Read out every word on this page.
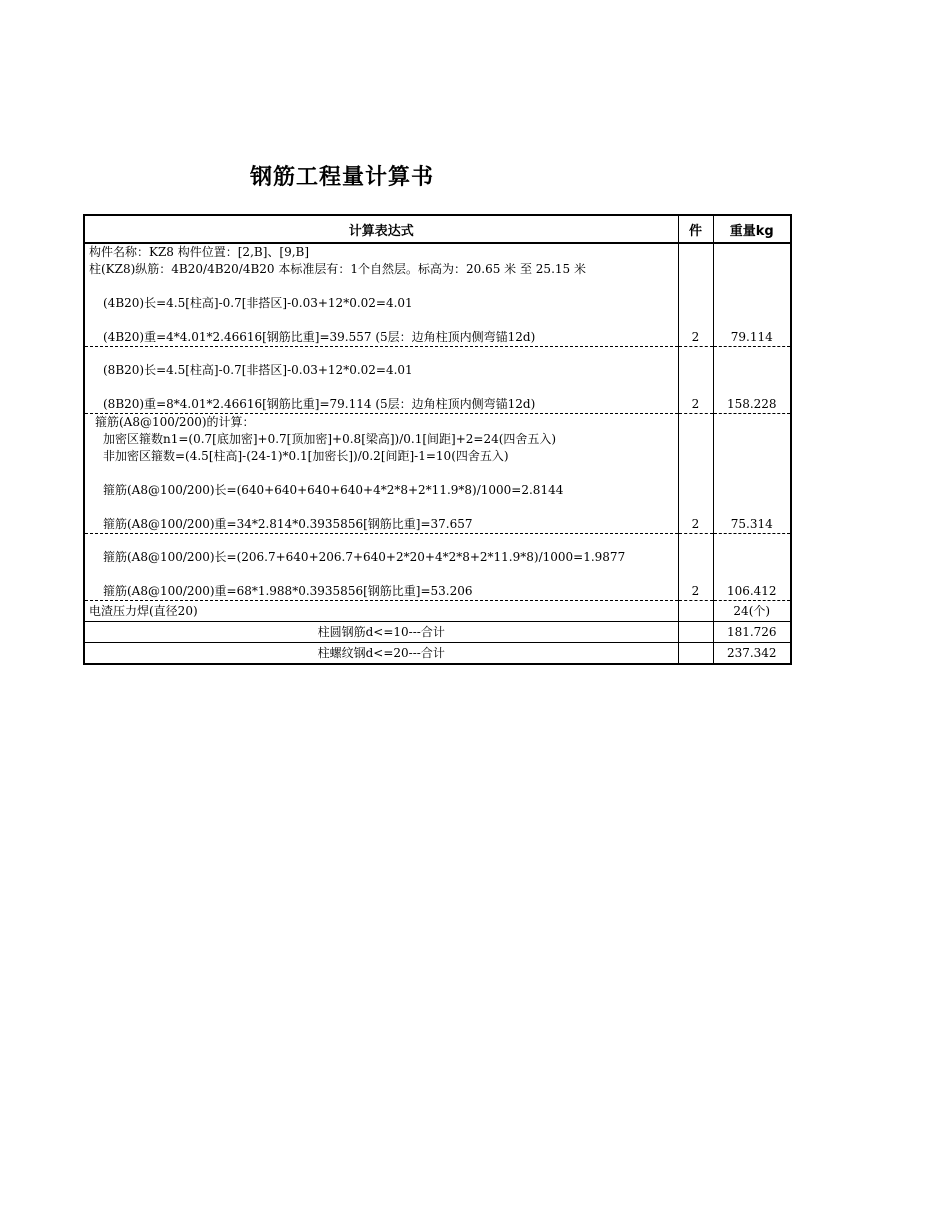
钢筋工程量计算书
计算表达式	件	重量kg

构件名称：KZ8 构件位置：[2,B]、[9,B]
柱(KZ8)纵筋：4B20/4B20/4B20 本标准层有：1个自然层。标高为：20.65 米 至 25.15 米
(4B20)长=4.5[柱高]-0.7[非搭区]-0.03+12*0.02=4.01
(4B20)重=4*4.01*2.46616[钢筋比重]=39.557 (5层：边角柱顶内侧弯锚12d)	2	79.114

(8B20)长=4.5[柱高]-0.7[非搭区]-0.03+12*0.02=4.01
(8B20)重=8*4.01*2.46616[钢筋比重]=79.114 (5层：边角柱顶内侧弯锚12d)	2	158.228

箍筋(A8@100/200)的计算：
加密区箍数n1=(0.7[底加密]+0.7[顶加密]+0.8[梁高])/0.1[间距]+2=24(四舍五入)
非加密区箍数=(4.5[柱高]-(24-1)*0.1[加密长])/0.2[间距]-1=10(四舍五入)
箍筋(A8@100/200)长=(640+640+640+640+4*2*8+2*11.9*8)/1000=2.8144
箍筋(A8@100/200)重=34*2.814*0.3935856[钢筋比重]=37.657	2	75.314

箍筋(A8@100/200)长=(206.7+640+206.7+640+2*20+4*2*8+2*11.9*8)/1000=1.9877
箍筋(A8@100/200)重=68*1.988*0.3935856[钢筋比重]=53.206	2	106.412

电渣压力焊(直径20)		24(个)
柱圆钢筋d<=10---合计		181.726
柱螺纹钢d<=20---合计		237.342
